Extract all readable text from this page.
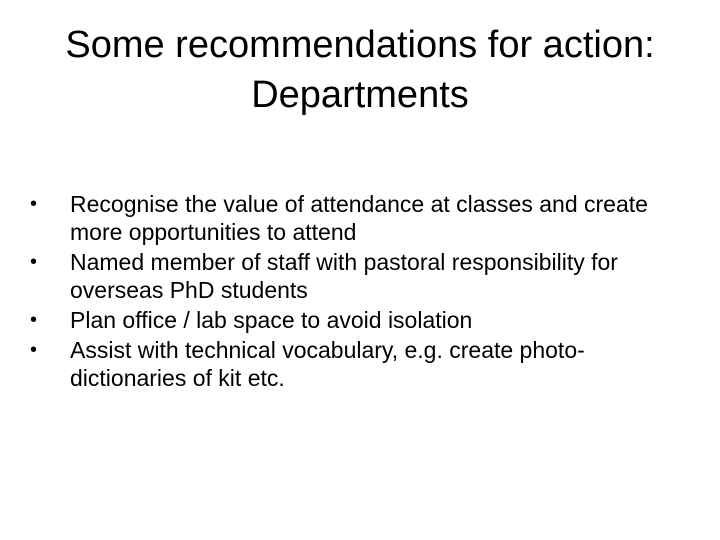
Some recommendations for action:
Departments
•	Recognise the value of attendance at classes and create more opportunities to attend
•	Named member of staff with pastoral responsibility for overseas PhD students
•	Plan office / lab space to avoid isolation
•	Assist with technical vocabulary, e.g. create photo-dictionaries of kit etc.
